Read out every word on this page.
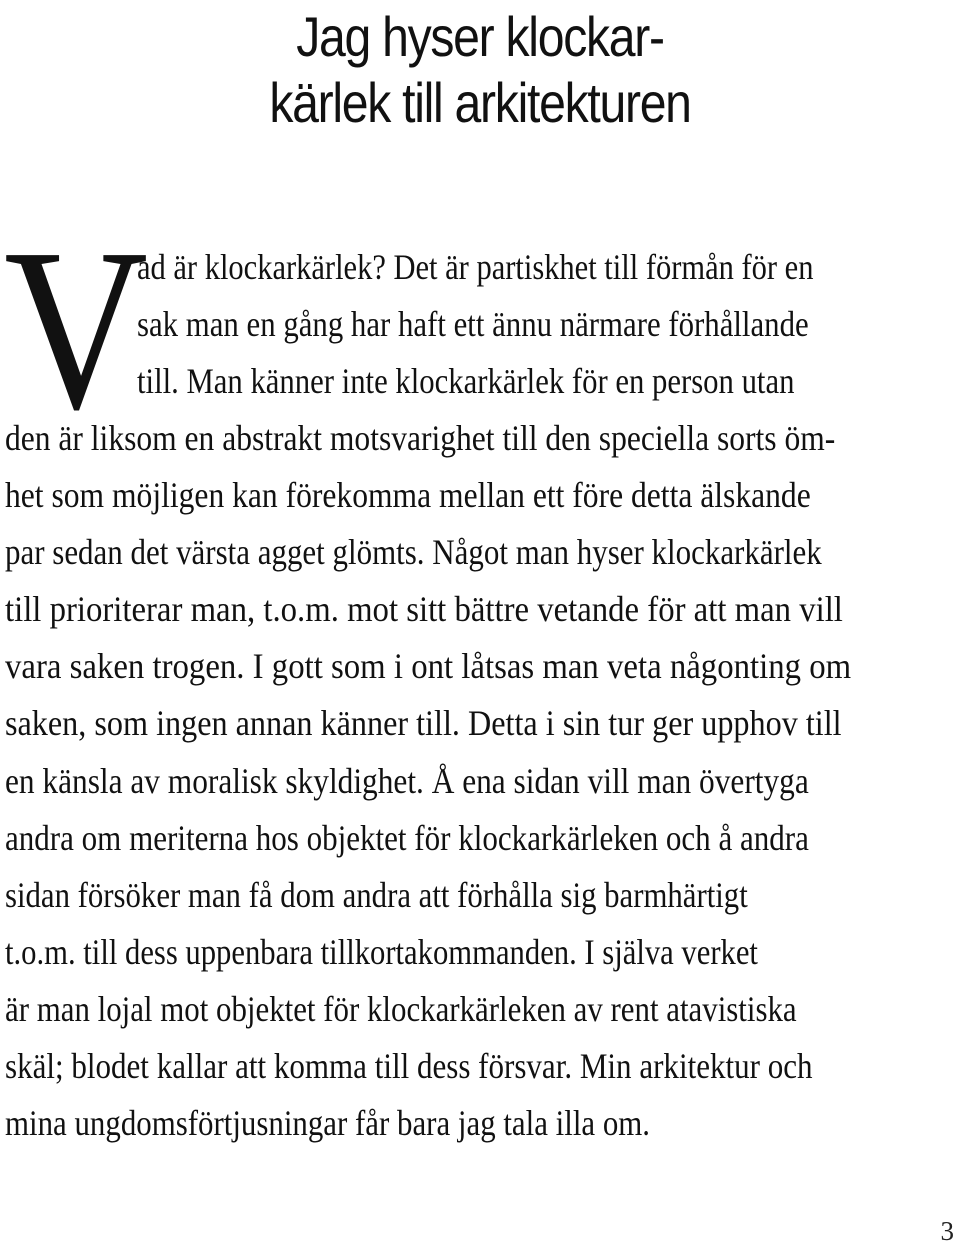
Jag hyser klockar-
kärlek till arkitekturen
V
ad är klockarkärlek? Det är partiskhet till förmån för en
sak man en gång har haft ett ännu närmare förhållande
till. Man känner inte klockarkärlek för en person utan
den är liksom en abstrakt motsvarighet till den speciella sorts öm-
het som möjligen kan förekomma mellan ett före detta älskande
par sedan det värsta agget glömts. Något man hyser klockarkärlek
till prioriterar man, t.o.m. mot sitt bättre vetande för att man vill
vara saken trogen. I gott som i ont låtsas man veta någonting om
saken, som ingen annan känner till. Detta i sin tur ger upphov till
en känsla av moralisk skyldighet. Å ena sidan vill man övertyga
andra om meriterna hos objektet för klockarkärleken och å andra
sidan försöker man få dom andra att förhålla sig barmhärtigt
t.o.m. till dess uppenbara tillkortakommanden. I själva verket
är man lojal mot objektet för klockarkärleken av rent atavistiska
skäl; blodet kallar att komma till dess försvar. Min arkitektur och
mina ungdomsförtjusningar får bara jag tala illa om.
3
